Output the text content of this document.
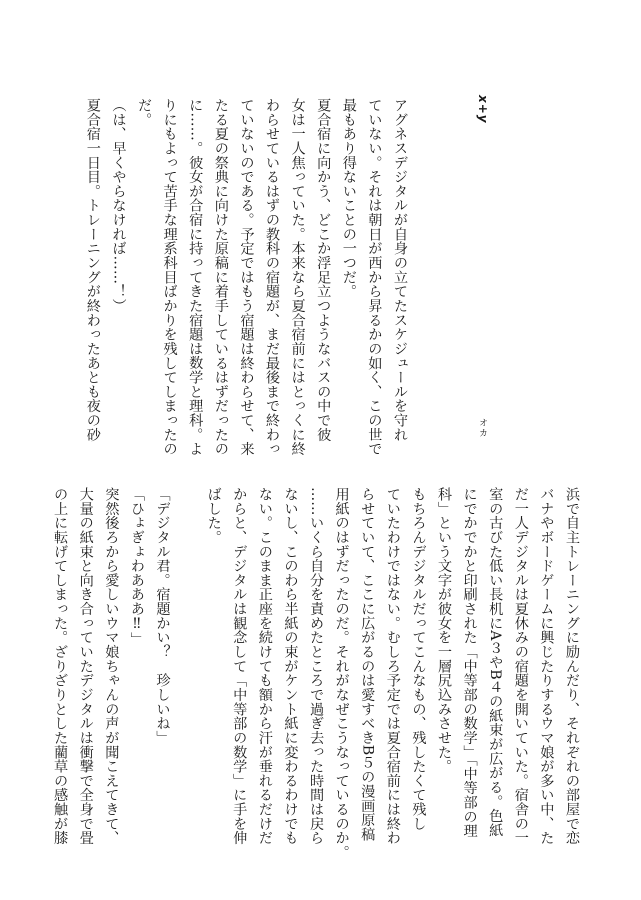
x+y
オカ
アグネスデジタルが自身の立てたスケジュールを守れ
ていない。それは朝日が西から昇るかの如く、この世で
最もあり得ないことの一つだ。
夏合宿に向かう、どこか浮足立つようなバスの中で彼
女は一人焦っていた。本来なら夏合宿前にはとっくに終
わらせているはずの教科の宿題が、まだ最後まで終わっ
ていないのである。予定ではもう宿題は終わらせて、来
たる夏の祭典に向けた原稿に着手しているはずだったの
に……。彼女が合宿に持ってきた宿題は数学と理科。よ
りにもよって苦手な理系科目ばかりを残してしまったの
だ。
（は、早くやらなければ……！）
夏合宿一日目。トレーニングが終わったあとも夜の砂
浜で自主トレーニングに励んだり、それぞれの部屋で恋
バナやボードゲームに興じたりするウマ娘が多い中、た
だ一人デジタルは夏休みの宿題を開いていた。宿舎の一
室の古びた低い長机にA３やB４の紙束が広がる。色紙
にでかでかと印刷された「中等部の数学」「中等部の理
科」という文字が彼女を一層尻込みさせた。
もちろんデジタルだってこんなもの、残したくて残し
ていたわけではない。むしろ予定では夏合宿前には終わ
らせていて、ここに広がるのは愛すべきB５の漫画原稿
用紙のはずだったのだ。それがなぜこうなっているのか。
……いくら自分を責めたところで過ぎ去った時間は戻ら
ないし、このわら半紙の束がケント紙に変わるわけでも
ない。このまま正座を続けても額から汗が垂れるだけだ
からと、デジタルは観念して「中等部の数学」に手を伸
ばした。
「デジタル君。宿題かい？　珍しいね」
「ひょぎょわあああ‼」
突然後ろから愛しいウマ娘ちゃんの声が聞こえてきて、
大量の紙束と向き合っていたデジタルは衝撃で全身で畳
の上に転げてしまった。ざりざりとした藺草の感触が膝
